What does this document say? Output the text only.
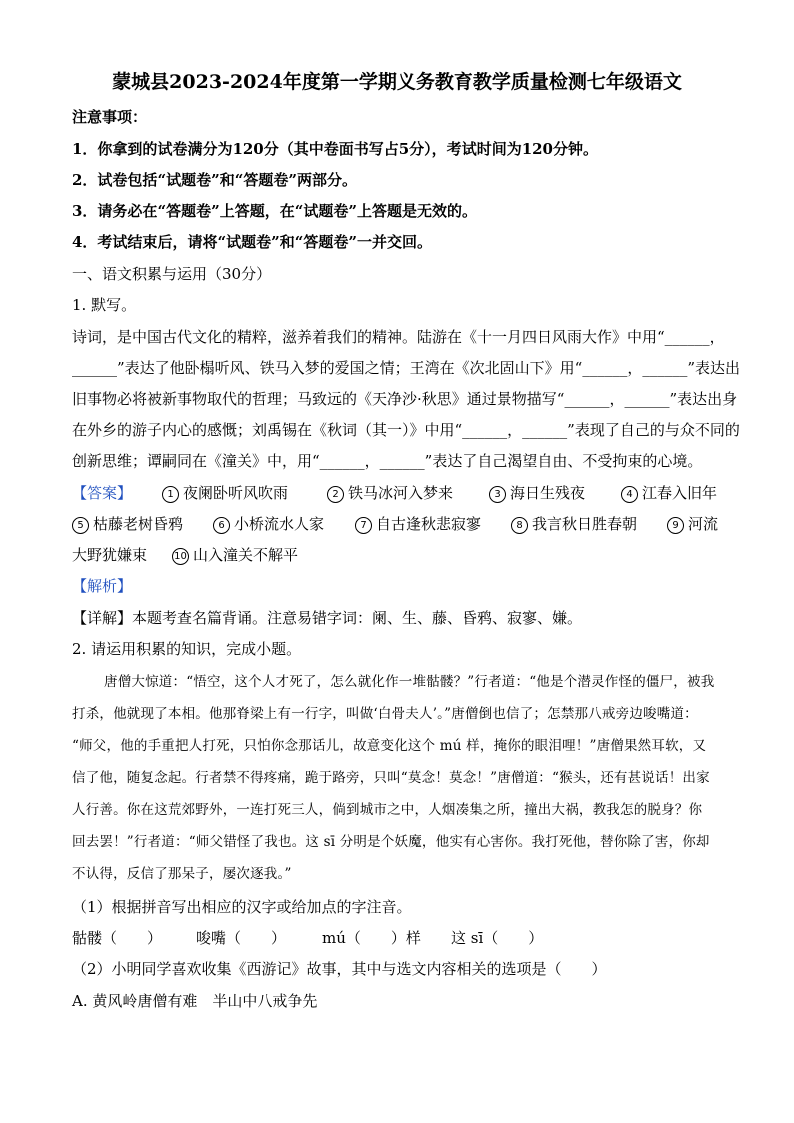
蒙城县2023-2024年度第一学期义务教育教学质量检测七年级语文
注意事项：
1．你拿到的试卷满分为120分（其中卷面书写占5分），考试时间为120分钟。
2．试卷包括“试题卷”和“答题卷”两部分。
3．请务必在“答题卷”上答题，在“试题卷”上答题是无效的。
4．考试结束后，请将“试题卷”和“答题卷”一并交回。
一、语文积累与运用（30分）
1. 默写。
诗词，是中国古代文化的精粹，滋养着我们的精神。陆游在《十一月四日风雨大作》中用“______，
______”表达了他卧榻听风、铁马入梦的爱国之情；王湾在《次北固山下》用“______，______”表达出
旧事物必将被新事物取代的哲理；马致远的《天净沙·秋思》通过景物描写“______，______”表达出身
在外乡的游子内心的感慨；刘禹锡在《秋词（其一）》中用“______，______”表现了自己的与众不同的
创新思维；谭嗣同在《潼关》中，用“______，______”表达了自己渴望自由、不受拘束的心境。
【答案】	1 夜阑卧听风吹雨	2 铁马冰河入梦来	3 海日生残夜	4 江春入旧年
5 枯藤老树昏鸦	6 小桥流水人家	7 自古逢秋悲寂寥	8 我言秋日胜春朝	9 河流
大野犹嫌束	10 山入潼关不解平
【解析】
【详解】本题考查名篇背诵。注意易错字词：阑、生、藤、昏鸦、寂寥、嫌。
2. 请运用积累的知识，完成小题。
唐僧大惊道：“悟空，这个人才死了，怎么就化作一堆骷髅？”行者道：“他是个潜灵作怪的僵尸，被我
打杀，他就现了本相。他那脊梁上有一行字，叫做‘白骨夫人’。”唐僧倒也信了；怎禁那八戒旁边唆嘴道：
“师父，他的手重把人打死，只怕你念那话儿，故意变化这个 mú 样，掩你的眼泪哩！”唐僧果然耳软，又
信了他，随复念起。行者禁不得疼痛，跪于路旁，只叫“莫念！莫念！”唐僧道：“猴头，还有甚说话！出家
人行善。你在这荒郊野外，一连打死三人，倘到城市之中，人烟凑集之所，撞出大祸，教我怎的脱身？你
回去罢！”行者道：“师父错怪了我也。这 sī 分明是个妖魔，他实有心害你。我打死他，替你除了害，你却
不认得，反信了那呆子，屡次逐我。”
（1）根据拼音写出相应的汉字或给加点的字注音。
骷髅（　　） 唆嘴（　　） mú（　　）样 这 sī（　　）
（2）小明同学喜欢收集《西游记》故事，其中与选文内容相关的选项是（　　）
A. 黄风岭唐僧有难　半山中八戒争先
